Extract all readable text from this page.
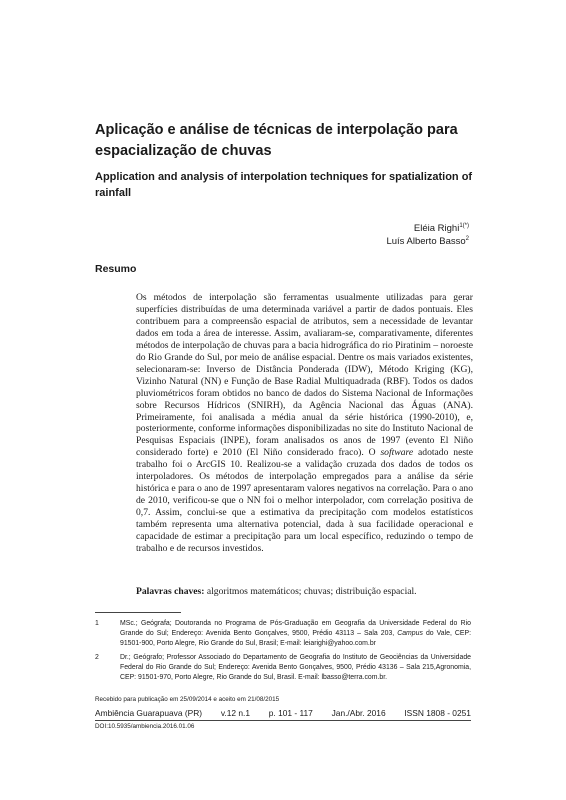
Aplicação e análise de técnicas de interpolação para espacialização de chuvas
Application and analysis of interpolation techniques for spatialization of rainfall
Eléia Righi$^{1(*)}$
Luís Alberto Basso$^2$
Resumo

Os métodos de interpolação são ferramentas usualmente utilizadas para gerar superfícies distribuídas de uma determinada variável a partir de dados pontuais. Eles contribuem para a compreensão espacial de atributos, sem a necessidade de levantar dados em toda a área de interesse. Assim, avaliaram-se, comparativamente, diferentes métodos de interpolação de chuvas para a bacia hidrográfica do rio Piratinim – noroeste do Rio Grande do Sul, por meio de análise espacial. Dentre os mais variados existentes, selecionaram-se: Inverso de Distância Ponderada (IDW), Método Kriging (KG), Vizinho Natural (NN) e Função de Base Radial Multiquadrada (RBF). Todos os dados pluviométricos foram obtidos no banco de dados do Sistema Nacional de Informações sobre Recursos Hídricos (SNIRH), da Agência Nacional das Águas (ANA). Primeiramente, foi analisada a média anual da série histórica (1990-2010), e, posteriormente, conforme informações disponibilizadas no site do Instituto Nacional de Pesquisas Espaciais (INPE), foram analisados os anos de 1997 (evento El Niño considerado forte) e 2010 (El Niño considerado fraco). O software adotado neste trabalho foi o ArcGIS 10. Realizou-se a validação cruzada dos dados de todos os interpoladores. Os métodos de interpolação empregados para a análise da série histórica e para o ano de 1997 apresentaram valores negativos na correlação. Para o ano de 2010, verificou-se que o NN foi o melhor interpolador, com correlação positiva de 0,7. Assim, conclui-se que a estimativa da precipitação com modelos estatísticos também representa uma alternativa potencial, dada à sua facilidade operacional e capacidade de estimar a precipitação para um local específico, reduzindo o tempo de trabalho e de recursos investidos.

Palavras chaves: algoritmos matemáticos; chuvas; distribuição espacial.
1	MSc.; Geógrafa; Doutoranda no Programa de Pós-Graduação em Geografia da Universidade Federal do Rio Grande do Sul; Endereço: Avenida Bento Gonçalves, 9500, Prédio 43113 – Sala 203, Campus do Vale, CEP: 91501-900, Porto Alegre, Rio Grande do Sul, Brasil; E-mail: leiarighi@yahoo.com.br
2	Dr.; Geógrafo; Professor Associado do Departamento de Geografia do Instituto de Geociências da Universidade Federal do Rio Grande do Sul; Endereço: Avenida Bento Gonçalves, 9500, Prédio 43136 – Sala 215,Agronomia, CEP: 91501-970, Porto Alegre, Rio Grande do Sul, Brasil. E-mail: lbasso@terra.com.br.
Recebido para publicação em 25/09/2014 e aceito em 21/08/2015
Ambiência Guarapuava (PR) v.12 n.1 p. 101 - 117 Jan./Abr. 2016 ISSN 1808 - 0251
DOI:10.5935/ambiencia.2016.01.06
